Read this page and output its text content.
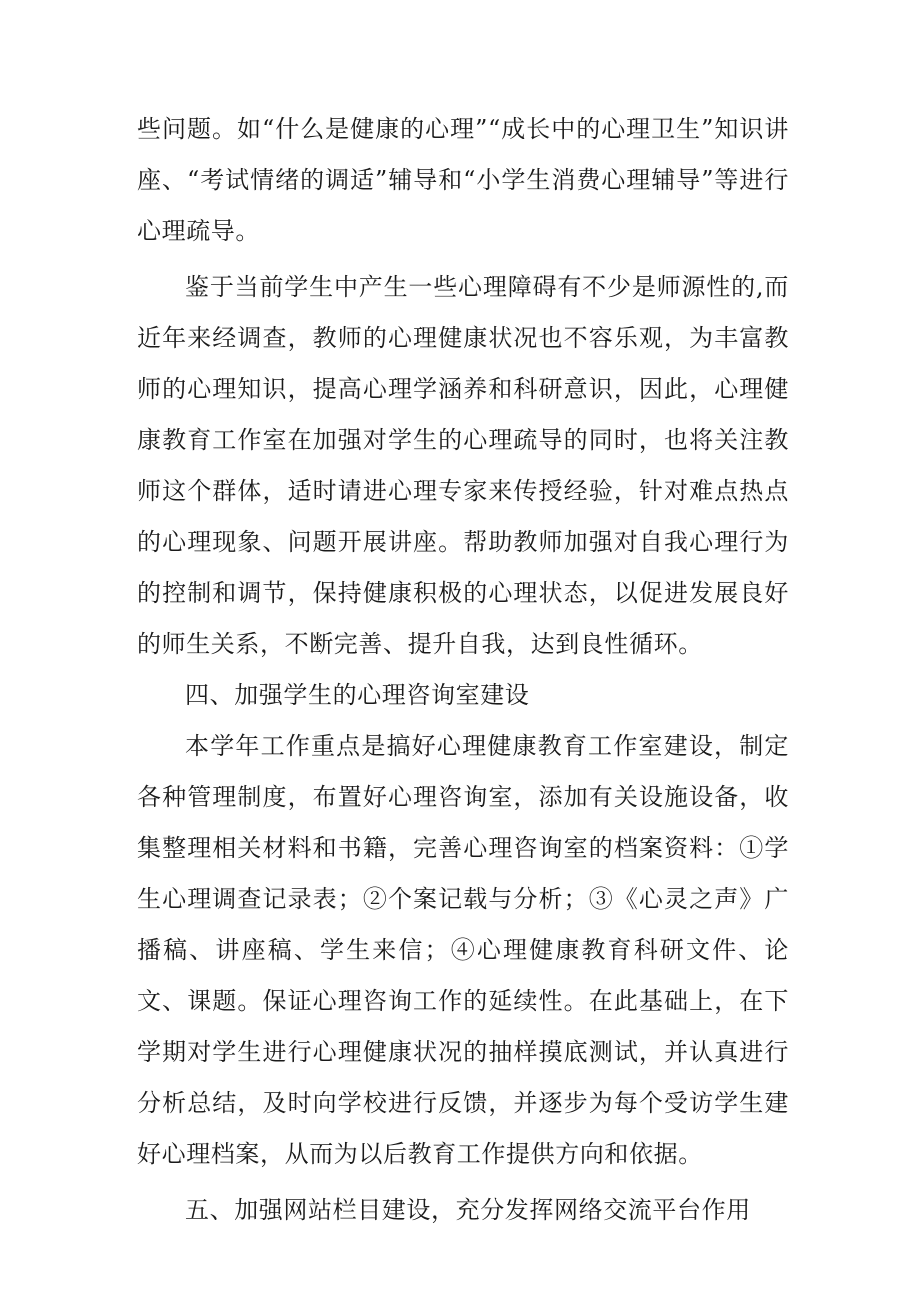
些问题。如“什么是健康的心理”“成长中的心理卫生”知识讲座、“考试情绪的调适”辅导和“小学生消费心理辅导”等进行心理疏导。

鉴于当前学生中产生一些心理障碍有不少是师源性的,而近年来经调查，教师的心理健康状况也不容乐观，为丰富教师的心理知识，提高心理学涵养和科研意识，因此，心理健康教育工作室在加强对学生的心理疏导的同时，也将关注教师这个群体，适时请进心理专家来传授经验，针对难点热点的心理现象、问题开展讲座。帮助教师加强对自我心理行为的控制和调节，保持健康积极的心理状态，以促进发展良好的师生关系，不断完善、提升自我，达到良性循环。

四、加强学生的心理咨询室建设

本学年工作重点是搞好心理健康教育工作室建设，制定各种管理制度，布置好心理咨询室，添加有关设施设备，收集整理相关材料和书籍，完善心理咨询室的档案资料：①学生心理调查记录表；②个案记载与分析；③《心灵之声》广播稿、讲座稿、学生来信；④心理健康教育科研文件、论文、课题。保证心理咨询工作的延续性。在此基础上，在下学期对学生进行心理健康状况的抽样摸底测试，并认真进行分析总结，及时向学校进行反馈，并逐步为每个受访学生建好心理档案，从而为以后教育工作提供方向和依据。

五、加强网站栏目建设，充分发挥网络交流平台作用
